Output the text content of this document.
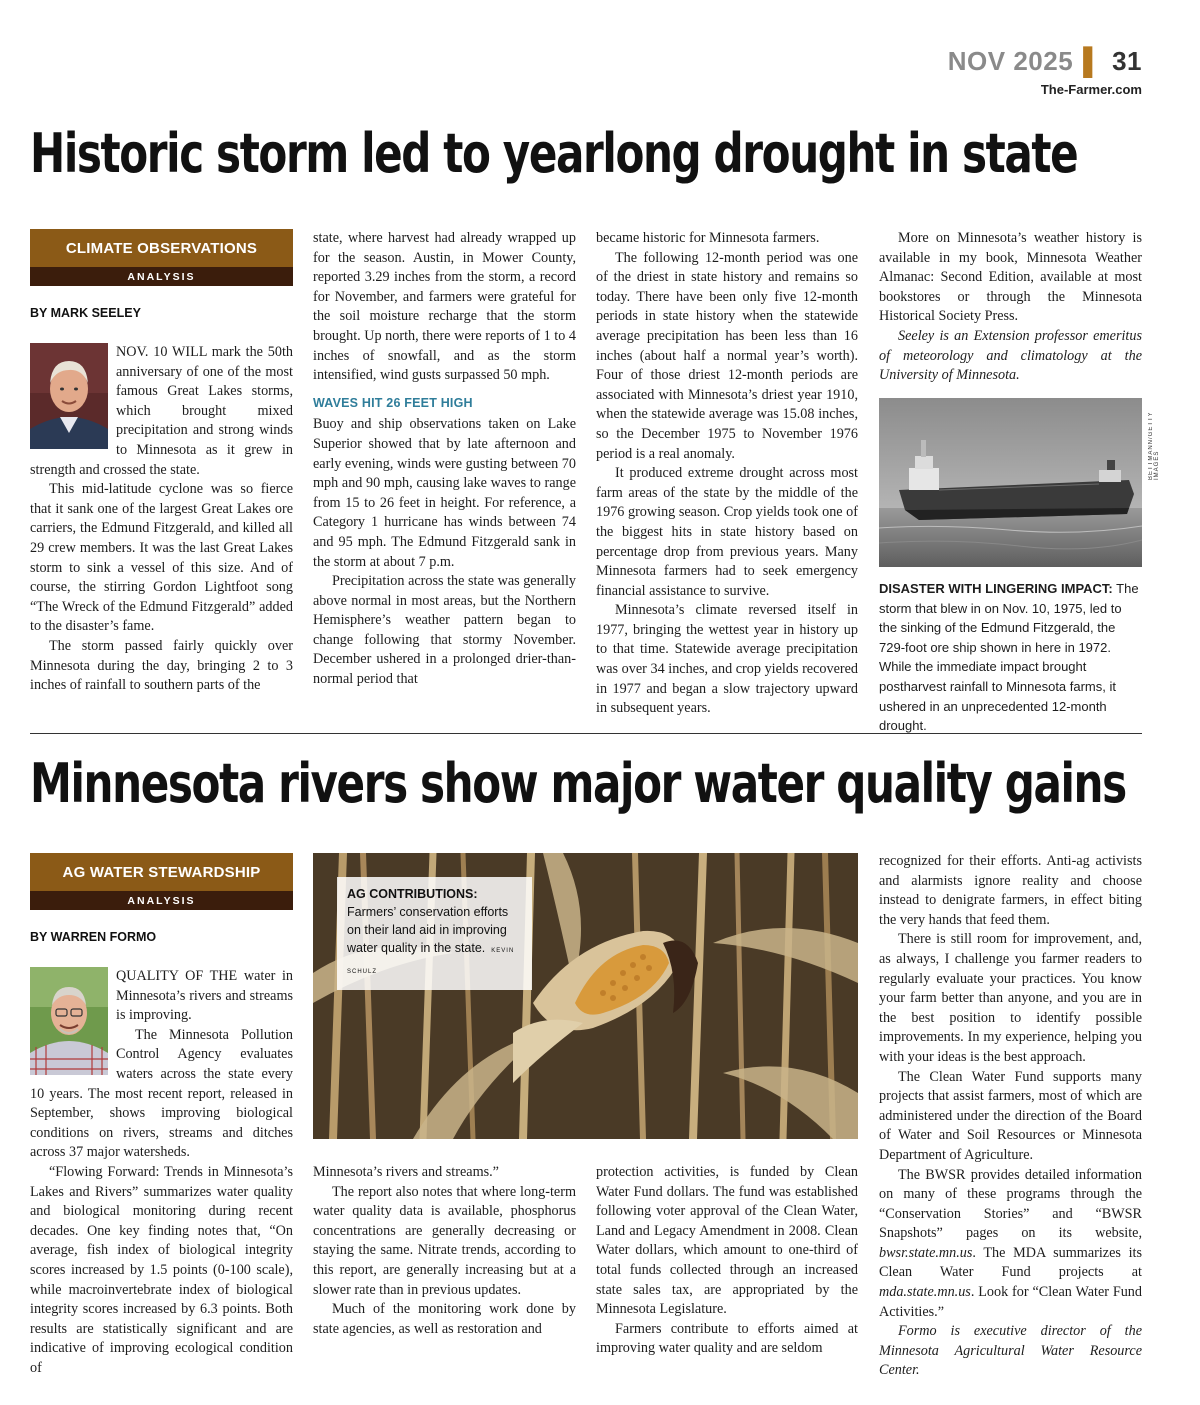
NOV 2025 ▌ 31
The-Farmer.com
Historic storm led to yearlong drought in state
CLIMATE OBSERVATIONS
ANALYSIS
BY MARK SEELEY

NOV. 10 WILL mark the 50th anniversary of one of the most famous Great Lakes storms, which brought mixed precipitation and strong winds to Minnesota as it grew in strength and crossed the state.

This mid-latitude cyclone was so fierce that it sank one of the largest Great Lakes ore carriers, the Edmund Fitzgerald, and killed all 29 crew members. It was the last Great Lakes storm to sink a vessel of this size. And of course, the stirring Gordon Lightfoot song “The Wreck of the Edmund Fitzgerald” added to the disaster’s fame.

The storm passed fairly quickly over Minnesota during the day, bringing 2 to 3 inches of rainfall to southern parts of the

state, where harvest had already wrapped up for the season. Austin, in Mower County, reported 3.29 inches from the storm, a record for November, and farmers were grateful for the soil moisture recharge that the storm brought. Up north, there were reports of 1 to 4 inches of snowfall, and as the storm intensified, wind gusts surpassed 50 mph.

WAVES HIT 26 FEET HIGH

Buoy and ship observations taken on Lake Superior showed that by late afternoon and early evening, winds were gusting between 70 mph and 90 mph, causing lake waves to range from 15 to 26 feet in height. For reference, a Category 1 hurricane has winds between 74 and 95 mph. The Edmund Fitzgerald sank in the storm at about 7 p.m.

Precipitation across the state was generally above normal in most areas, but the Northern Hemisphere’s weather pattern began to change following that stormy November. December ushered in a prolonged drier-than-normal period that

became historic for Minnesota farmers.

The following 12-month period was one of the driest in state history and remains so today. There have been only five 12-month periods in state history when the statewide average precipitation has been less than 16 inches (about half a normal year’s worth). Four of those driest 12-month periods are associated with Minnesota’s driest year 1910, when the statewide average was 15.08 inches, so the December 1975 to November 1976 period is a real anomaly.

It produced extreme drought across most farm areas of the state by the middle of the 1976 growing season. Crop yields took one of the biggest hits in state history based on percentage drop from previous years. Many Minnesota farmers had to seek emergency financial assistance to survive.

Minnesota’s climate reversed itself in 1977, bringing the wettest year in history up to that time. Statewide average precipitation was over 34 inches, and crop yields recovered in 1977 and began a slow trajectory upward in subsequent years.

More on Minnesota’s weather history is available in my book, Minnesota Weather Almanac: Second Edition, available at most bookstores or through the Minnesota Historical Society Press.

Seeley is an Extension professor emeritus of meteorology and climatology at the University of Minnesota.

BETTMANN/GETTY IMAGES
DISASTER WITH LINGERING IMPACT: The storm that blew in on Nov. 10, 1975, led to the sinking of the Edmund Fitzgerald, the 729-foot ore ship shown in here in 1972. While the immediate impact brought postharvest rainfall to Minnesota farms, it ushered in an unprecedented 12-month drought.
Minnesota rivers show major water quality gains
AG WATER STEWARDSHIP
ANALYSIS
BY WARREN FORMO

QUALITY OF THE water in Minnesota’s rivers and streams is improving.

The Minnesota Pollution Control Agency evaluates waters across the state every 10 years. The most recent report, released in September, shows improving biological conditions on rivers, streams and ditches across 37 major watersheds.

“Flowing Forward: Trends in Minnesota’s Lakes and Rivers” summarizes water quality and biological monitoring during recent decades. One key finding notes that, “On average, fish index of biological integrity scores increased by 1.5 points (0-100 scale), while macroinvertebrate index of biological integrity scores increased by 6.3 points. Both results are statistically significant and are indicative of improving ecological condition of

AG CONTRIBUTIONS: Farmers’ conservation efforts on their land aid in improving water quality in the state. KEVIN SCHULZ

Minnesota’s rivers and streams.”

The report also notes that where long-term water quality data is available, phosphorus concentrations are generally decreasing or staying the same. Nitrate trends, according to this report, are generally increasing but at a slower rate than in previous updates.

Much of the monitoring work done by state agencies, as well as restoration and

protection activities, is funded by Clean Water Fund dollars. The fund was established following voter approval of the Clean Water, Land and Legacy Amendment in 2008. Clean Water dollars, which amount to one-third of total funds collected through an increased state sales tax, are appropriated by the Minnesota Legislature.

Farmers contribute to efforts aimed at improving water quality and are seldom

recognized for their efforts. Anti-ag activists and alarmists ignore reality and choose instead to denigrate farmers, in effect biting the very hands that feed them.

There is still room for improvement, and, as always, I challenge you farmer readers to regularly evaluate your practices. You know your farm better than anyone, and you are in the best position to identify possible improvements. In my experience, helping you with your ideas is the best approach.

The Clean Water Fund supports many projects that assist farmers, most of which are administered under the direction of the Board of Water and Soil Resources or Minnesota Department of Agriculture.

The BWSR provides detailed information on many of these programs through the “Conservation Stories” and “BWSR Snapshots” pages on its website, bwsr.state.mn.us. The MDA summarizes its Clean Water Fund projects at mda.state.mn.us. Look for “Clean Water Fund Activities.”

Formo is executive director of the Minnesota Agricultural Water Resource Center.
